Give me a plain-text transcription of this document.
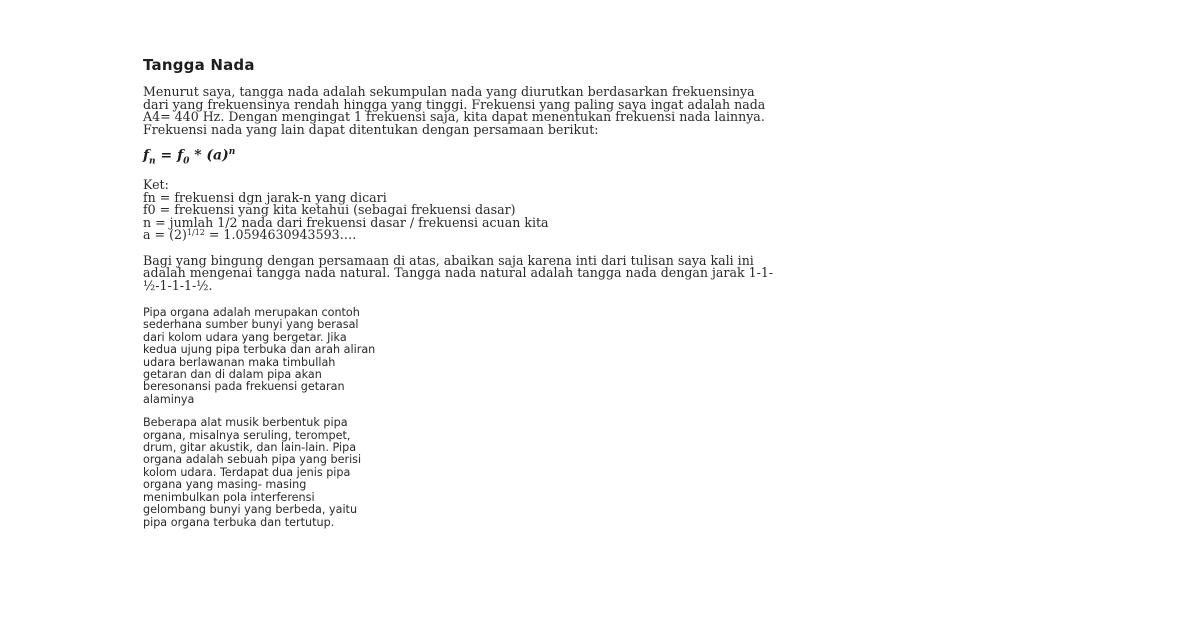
Tangga Nada
Menurut saya, tangga nada adalah sekumpulan nada yang diurutkan berdasarkan frekuensinya
dari yang frekuensinya rendah hingga yang tinggi. Frekuensi yang paling saya ingat adalah nada
A4= 440 Hz. Dengan mengingat 1 frekuensi saja, kita dapat menentukan frekuensi nada lainnya.
Frekuensi nada yang lain dapat ditentukan dengan persamaan berikut:
$f_n = f_0 * (a)^n$
Ket:
fn = frekuensi dgn jarak-n yang dicari
f0 = frekuensi yang kita ketahui (sebagai frekuensi dasar)
n = jumlah 1/2 nada dari frekuensi dasar / frekuensi acuan kita
$a = (2)^{1/12}$ = 1.0594630943593….
Bagi yang bingung dengan persamaan di atas, abaikan saja karena inti dari tulisan saya kali ini
adalah mengenai tangga nada natural. Tangga nada natural adalah tangga nada dengan jarak 1-1-
½-1-1-1-½.
Pipa organa adalah merupakan contoh
sederhana sumber bunyi yang berasal
dari kolom udara yang bergetar. Jika
kedua ujung pipa terbuka dan arah aliran
udara berlawanan maka timbullah
getaran dan di dalam pipa akan
beresonansi pada frekuensi getaran
alaminya
Beberapa alat musik berbentuk pipa
organa, misalnya seruling, terompet,
drum, gitar akustik, dan lain-lain. Pipa
organa adalah sebuah pipa yang berisi
kolom udara. Terdapat dua jenis pipa
organa yang masing- masing
menimbulkan pola interferensi
gelombang bunyi yang berbeda, yaitu
pipa organa terbuka dan tertutup.
